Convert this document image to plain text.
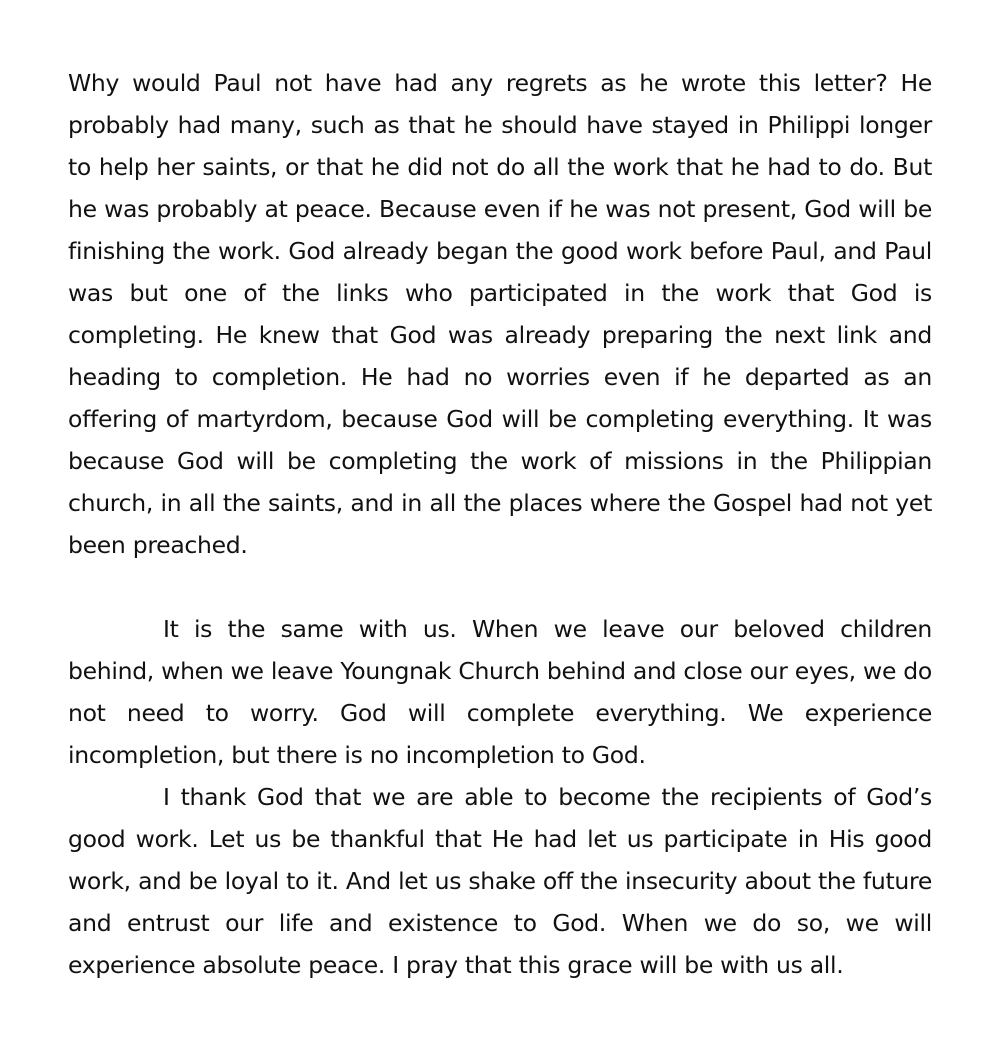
Why would Paul not have had any regrets as he wrote this letter? He probably had many, such as that he should have stayed in Philippi longer to help her saints, or that he did not do all the work that he had to do. But he was probably at peace. Because even if he was not present, God will be finishing the work. God already began the good work before Paul, and Paul was but one of the links who participated in the work that God is completing. He knew that God was already preparing the next link and heading to completion. He had no worries even if he departed as an offering of martyrdom, because God will be completing everything. It was because God will be completing the work of missions in the Philippian church, in all the saints, and in all the places where the Gospel had not yet been preached.

It is the same with us. When we leave our beloved children behind, when we leave Youngnak Church behind and close our eyes, we do not need to worry. God will complete everything. We experience incompletion, but there is no incompletion to God.

I thank God that we are able to become the recipients of God’s good work. Let us be thankful that He had let us participate in His good work, and be loyal to it. And let us shake off the insecurity about the future and entrust our life and existence to God. When we do so, we will experience absolute peace. I pray that this grace will be with us all.
